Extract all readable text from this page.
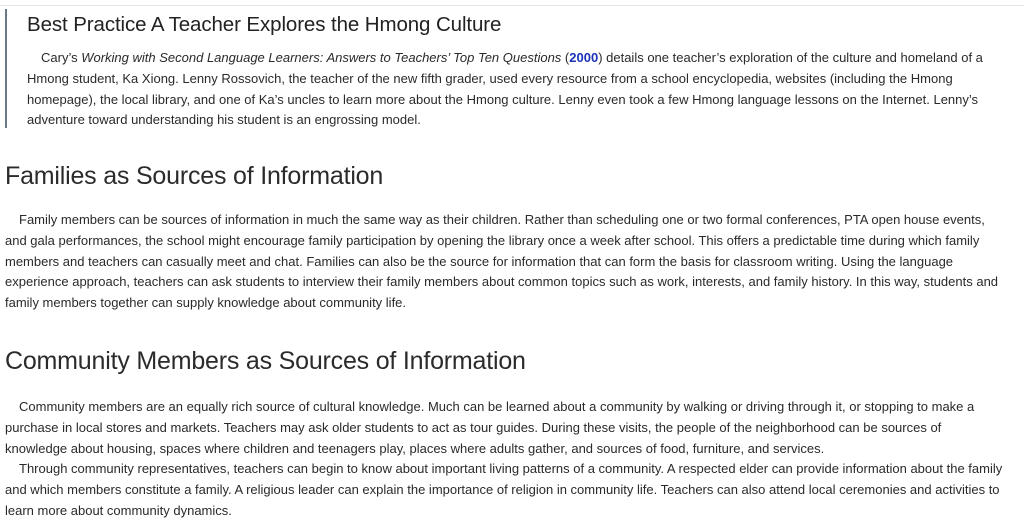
Best Practice A Teacher Explores the Hmong Culture

Cary’s Working with Second Language Learners: Answers to Teachers’ Top Ten Questions (2000) details one teacher’s exploration of the culture and homeland of a Hmong student, Ka Xiong. Lenny Rossovich, the teacher of the new fifth grader, used every resource from a school encyclopedia, websites (including the Hmong homepage), the local library, and one of Ka’s uncles to learn more about the Hmong culture. Lenny even took a few Hmong language lessons on the Internet. Lenny’s adventure toward understanding his student is an engrossing model.

Families as Sources of Information

Family members can be sources of information in much the same way as their children. Rather than scheduling one or two formal conferences, PTA open house events, and gala performances, the school might encourage family participation by opening the library once a week after school. This offers a predictable time during which family members and teachers can casually meet and chat. Families can also be the source for information that can form the basis for classroom writing. Using the language experience approach, teachers can ask students to interview their family members about common topics such as work, interests, and family history. In this way, students and family members together can supply knowledge about community life.

Community Members as Sources of Information

Community members are an equally rich source of cultural knowledge. Much can be learned about a community by walking or driving through it, or stopping to make a purchase in local stores and markets. Teachers may ask older students to act as tour guides. During these visits, the people of the neighborhood can be sources of knowledge about housing, spaces where children and teenagers play, places where adults gather, and sources of food, furniture, and services.

Through community representatives, teachers can begin to know about important living patterns of a community. A respected elder can provide information about the family and which members constitute a family. A religious leader can explain the importance of religion in community life. Teachers can also attend local ceremonies and activities to learn more about community dynamics.
